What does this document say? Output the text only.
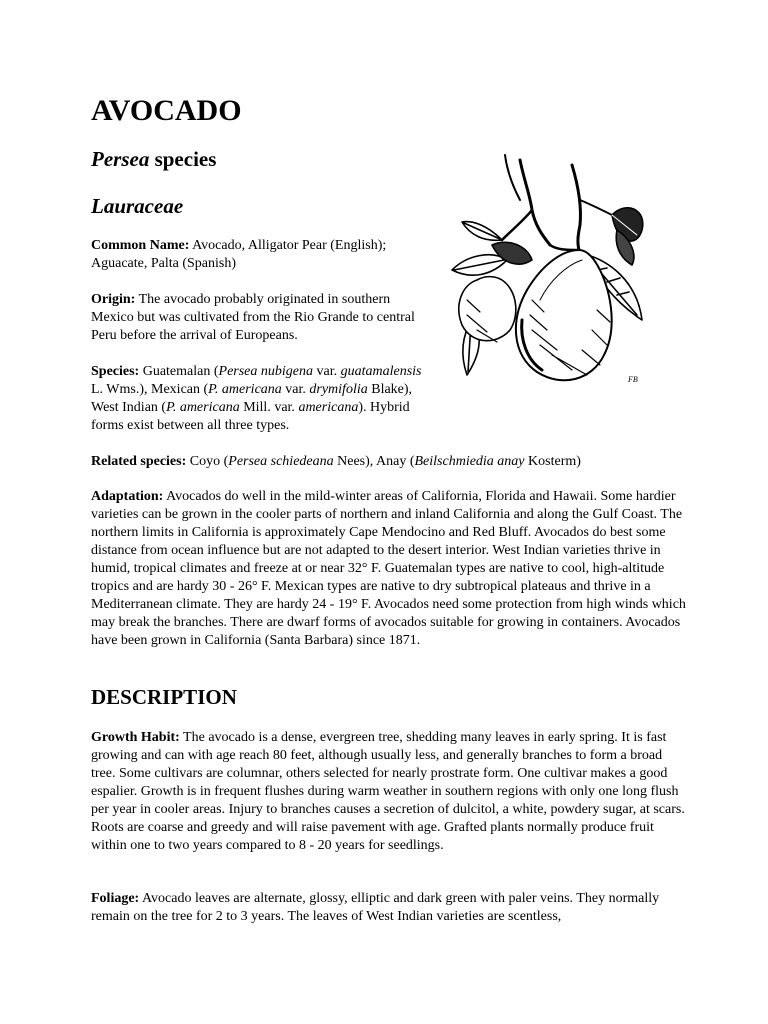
AVOCADO
Persea species
Lauraceae

Common Name: Avocado, Alligator Pear (English); Aguacate, Palta (Spanish)

Origin: The avocado probably originated in southern Mexico but was cultivated from the Rio Grande to central Peru before the arrival of Europeans.

Species: Guatemalan (Persea nubigena var. guatamalensis L. Wms.), Mexican (P. americana var. drymifolia Blake), West Indian (P. americana Mill. var. americana). Hybrid forms exist between all three types.

Related species: Coyo (Persea schiedeana Nees), Anay (Beilschmiedia anay Kosterm)

Adaptation: Avocados do well in the mild-winter areas of California, Florida and Hawaii. Some hardier varieties can be grown in the cooler parts of northern and inland California and along the Gulf Coast. The northern limits in California is approximately Cape Mendocino and Red Bluff. Avocados do best some distance from ocean influence but are not adapted to the desert interior. West Indian varieties thrive in humid, tropical climates and freeze at or near 32° F. Guatemalan types are native to cool, high-altitude tropics and are hardy 30 - 26° F. Mexican types are native to dry subtropical plateaus and thrive in a Mediterranean climate. They are hardy 24 - 19° F. Avocados need some protection from high winds which may break the branches. There are dwarf forms of avocados suitable for growing in containers. Avocados have been grown in California (Santa Barbara) since 1871.

DESCRIPTION

Growth Habit: The avocado is a dense, evergreen tree, shedding many leaves in early spring. It is fast growing and can with age reach 80 feet, although usually less, and generally branches to form a broad tree. Some cultivars are columnar, others selected for nearly prostrate form. One cultivar makes a good espalier. Growth is in frequent flushes during warm weather in southern regions with only one long flush per year in cooler areas. Injury to branches causes a secretion of dulcitol, a white, powdery sugar, at scars. Roots are coarse and greedy and will raise pavement with age. Grafted plants normally produce fruit within one to two years compared to 8 - 20 years for seedlings.

Foliage: Avocado leaves are alternate, glossy, elliptic and dark green with paler veins. They normally remain on the tree for 2 to 3 years. The leaves of West Indian varieties are scentless,

FB
